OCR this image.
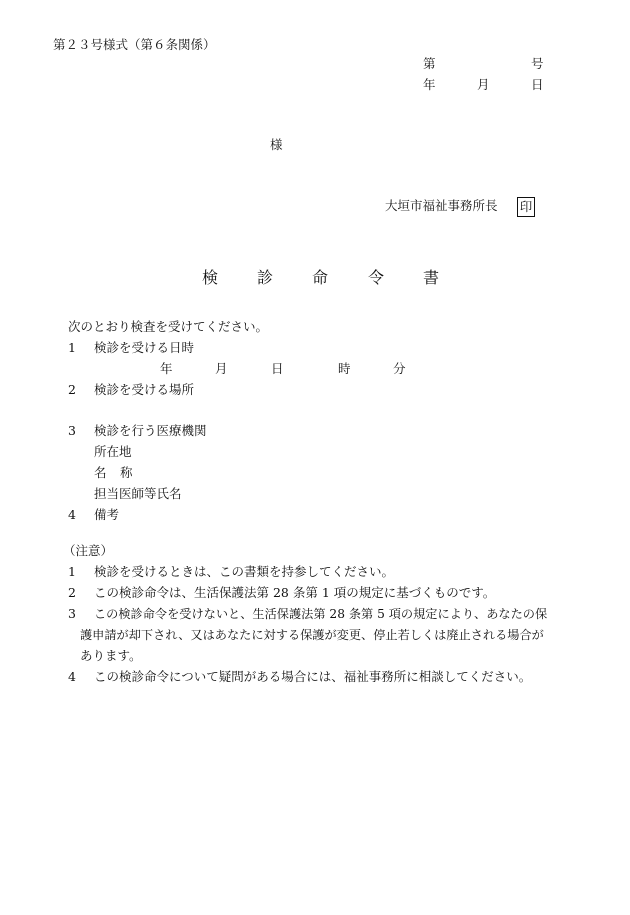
第２３号様式（第６条関係）
第	号
年	月	日
様
大垣市福祉事務所長 印
検 診 命 令 書
次のとおり検査を受けてください。
1 検診を受ける日時
年	月	日	時	分
2 検診を受ける場所
3 検診を行う医療機関
所在地
名 称
担当医師等氏名
4 備考
（注意）
1 検診を受けるときは、この書類を持参してください。
2 この検診命令は、生活保護法第 28 条第 1 項の規定に基づくものです。
3 この検診命令を受けないと、生活保護法第 28 条第 5 項の規定により、あなたの保
護申請が却下され、又はあなたに対する保護が変更、停止若しくは廃止される場合が
あります。
4 この検診命令について疑問がある場合には、福祉事務所に相談してください。
